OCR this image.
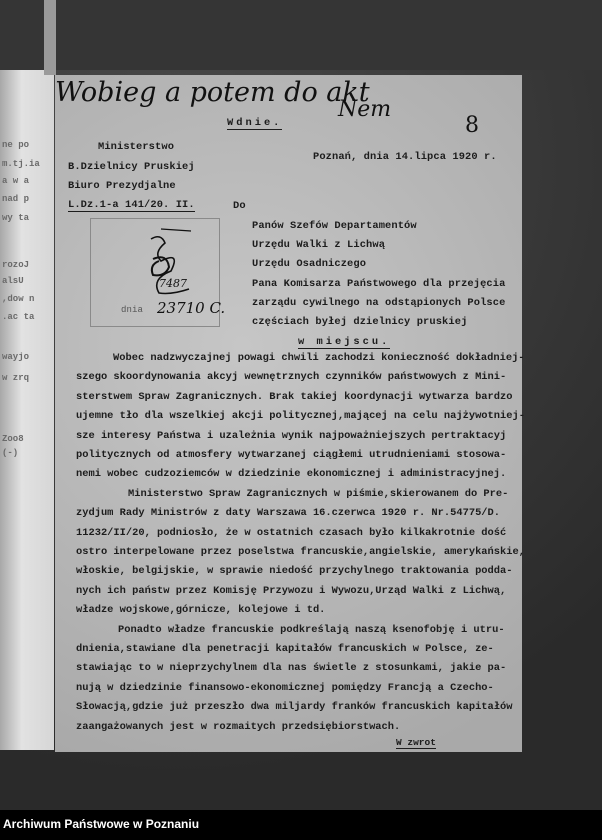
ne po
m.tj.ia
a w a
nad p
wy ta
rozoJ
alsU
,dow n
.ac ta
wayjo
w zrq
Zoo8
(-)
Wobieg a potem do akt
Nem
8
Wdnie.
Ministerstwo
Poznań, dnia 14.lipca 1920 r.
B.Dzielnicy Pruskiej
Biuro Prezydjalne
L.Dz.1-a 141/20. II.	Do
Panów Szefów Departamentów
Urzędu Walki z Lichwą
Urzędu Osadniczego
Pana Komisarza Państwowego dla przejęcia
zarządu cywilnego na odstąpionych Polsce
częściach byłej dzielnicy pruskiej
7487
dnia 23710 C.
w miejscu.
Wobec nadzwyczajnej powagi chwili zachodzi konieczność dokładniej-
szego skoordynowania akcyj wewnętrznych czynników państwowych z Mini-
sterstwem Spraw Zagranicznych. Brak takiej koordynacji wytwarza bardzo
ujemne tło dla wszelkiej akcji politycznej,mającej na celu najżywotniej-
sze interesy Państwa i uzależnia wynik najpoważniejszych pertraktacyj
politycznych od atmosfery wytwarzanej ciągłemi utrudnieniami stosowa-
nemi wobec cudzoziemców w dziedzinie ekonomicznej i administracyjnej.
Ministerstwo Spraw Zagranicznych w piśmie,skierowanem do Pre-
zydjum Rady Ministrów z daty Warszawa 16.czerwca 1920 r. Nr.54775/D.
11232/II/20, podniosło, że w ostatnich czasach było kilkakrotnie dość
ostro interpelowane przez poselstwa francuskie,angielskie, amerykańskie,
włoskie, belgijskie, w sprawie niedość przychylnego traktowania podda-
nych ich państw przez Komisję Przywozu i Wywozu,Urząd Walki z Lichwą,
władze wojskowe,górnicze, kolejowe i td.
Ponadto władze francuskie podkreślają naszą ksenofobję i utru-
dnienia,stawiane dla penetracji kapitałów francuskich w Polsce, ze-
stawiając to w nieprzychylnem dla nas świetle z stosunkami, jakie pa-
nują w dziedzinie finansowo-ekonomicznej pomiędzy Francją a Czecho-
Słowacją,gdzie już przeszło dwa miljardy franków francuskich kapitałów
zaangażowanych jest w rozmaitych przedsiębiorstwach.
W zwrot
Archiwum Państwowe w Poznaniu
